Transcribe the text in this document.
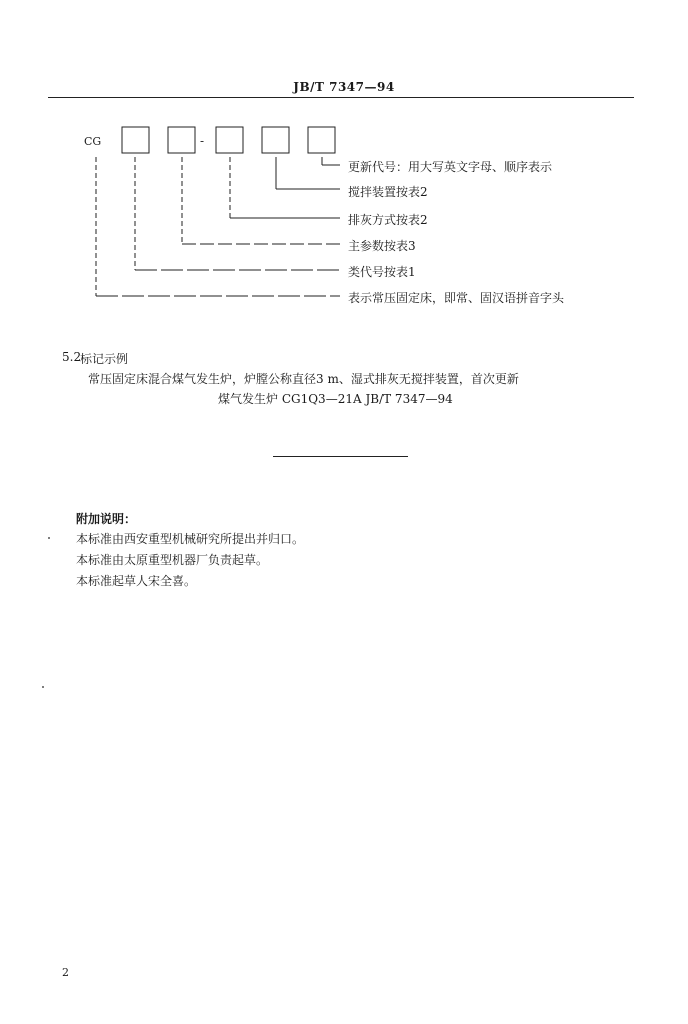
JB/T 7347—94
CG	-
更新代号：用大写英文字母、顺序表示
搅拌装置按表2
排灰方式按表2
主参数按表3
类代号按表1
表示常压固定床，即常、固汉语拼音字头
5.2
标记示例
常压固定床混合煤气发生炉，炉膛公称直径3 m、湿式排灰无搅拌装置，首次更新
煤气发生炉 CG1Q3—21A JB/T 7347—94
附加说明：
本标准由西安重型机械研究所提出并归口。
本标准由太原重型机器厂负责起草。
本标准起草人宋全喜。
2
